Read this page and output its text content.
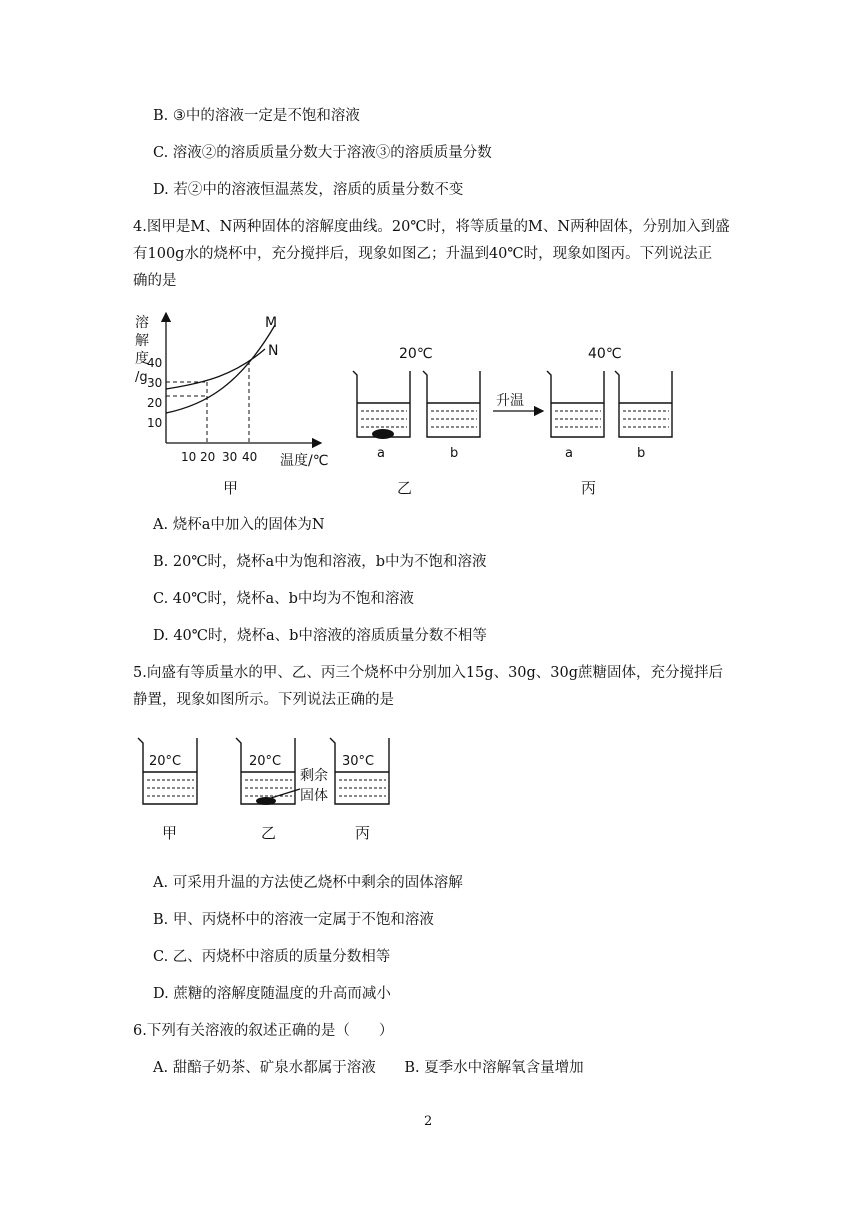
B. ③中的溶液一定是不饱和溶液
C. 溶液②的溶质质量分数大于溶液③的溶质质量分数
D. 若②中的溶液恒温蒸发，溶质的质量分数不变
4.图甲是M、N两种固体的溶解度曲线。20℃时，将等质量的M、N两种固体，分别加入到盛
有100g水的烧杯中，充分搅拌后，现象如图乙；升温到40℃时，现象如图丙。下列说法正
确的是
溶
解
度
/g
40
30
20
10
10 20 30 40 温度/℃
M
N
甲
20℃
a	b
乙
升温
40℃
a	b
丙
A. 烧杯a中加入的固体为N
B. 20℃时，烧杯a中为饱和溶液，b中为不饱和溶液
C. 40℃时，烧杯a、b中均为不饱和溶液
D. 40℃时，烧杯a、b中溶液的溶质质量分数不相等
5.向盛有等质量水的甲、乙、丙三个烧杯中分别加入15g、30g、30g蔗糖固体，充分搅拌后
静置，现象如图所示。下列说法正确的是
20°C
甲
20°C
剩余
固体
乙
30°C
丙
A. 可采用升温的方法使乙烧杯中剩余的固体溶解
B. 甲、丙烧杯中的溶液一定属于不饱和溶液
C. 乙、丙烧杯中溶质的质量分数相等
D. 蔗糖的溶解度随温度的升高而减小
6.下列有关溶液的叙述正确的是（　　）
A. 甜醅子奶茶、矿泉水都属于溶液 B. 夏季水中溶解氧含量增加
2
